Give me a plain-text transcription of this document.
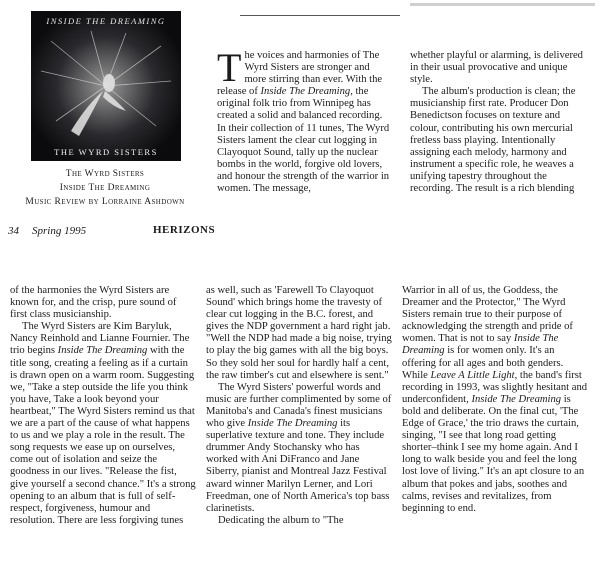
INSIDE THE DREAMING
THE WYRD SISTERS
The Wyrd Sisters
Inside The Dreaming
Music Review by Lorraine Ashdown
34 Spring 1995	HERIZONS

The voices and harmonies of The Wyrd Sisters are stronger and more stirring than ever. With the release of Inside The Dreaming, the original folk trio from Winnipeg has created a solid and balanced recording. In their collection of 11 tunes, The Wyrd Sisters lament the clear cut logging in Clayoquot Sound, tally up the nuclear bombs in the world, forgive old lovers, and honour the strength of the warrior in women. The message,

whether playful or alarming, is delivered in their usual provocative and unique style.

The album's production is clean; the musicianship first rate. Producer Don Benedictson focuses on texture and colour, contributing his own mercurial fretless bass playing. Intentionally assigning each melody, harmony and instrument a specific role, he weaves a unifying tapestry throughout the recording. The result is a rich blending

of the harmonies the Wyrd Sisters are known for, and the crisp, pure sound of first class musicianship.

The Wyrd Sisters are Kim Baryluk, Nancy Reinhold and Lianne Fournier. The trio begins Inside The Dreaming with the title song, creating a feeling as if a curtain is drawn open on a warm room. Suggesting we, "Take a step outside the life you think you have, Take a look beyond your heartbeat," The Wyrd Sisters remind us that we are a part of the cause of what happens to us and we play a role in the result. The song requests we ease up on ourselves, come out of isolation and seize the goodness in our lives. "Release the fist, give yourself a second chance." It's a strong opening to an album that is full of self-respect, forgiveness, humour and resolution. There are less forgiving tunes

as well, such as 'Farewell To Clayoquot Sound' which brings home the travesty of clear cut logging in the B.C. forest, and gives the NDP government a hard right jab. "Well the NDP had made a big noise, trying to play the big games with all the big boys. So they sold her soul for hardly half a cent, the raw timber's cut and elsewhere is sent."

The Wyrd Sisters' powerful words and music are further complimented by some of Manitoba's and Canada's finest musicians who give Inside The Dreaming its superlative texture and tone. They include drummer Andy Stochansky who has worked with Ani DiFranco and Jane Siberry, pianist and Montreal Jazz Festival award winner Marilyn Lerner, and Lori Freedman, one of North America's top bass clarinetists.

Dedicating the album to "The

Warrior in all of us, the Goddess, the Dreamer and the Protector," The Wyrd Sisters remain true to their purpose of acknowledging the strength and pride of women. That is not to say Inside The Dreaming is for women only. It's an offering for all ages and both genders. While Leave A Little Light, the band's first recording in 1993, was slightly hesitant and underconfident, Inside The Dreaming is bold and deliberate. On the final cut, 'The Edge of Grace,' the trio draws the curtain, singing, "I see that long road getting shorter–think I see my home again. And I long to walk beside you and feel the long lost love of living." It's an apt closure to an album that pokes and jabs, soothes and calms, revises and revitalizes, from beginning to end.
